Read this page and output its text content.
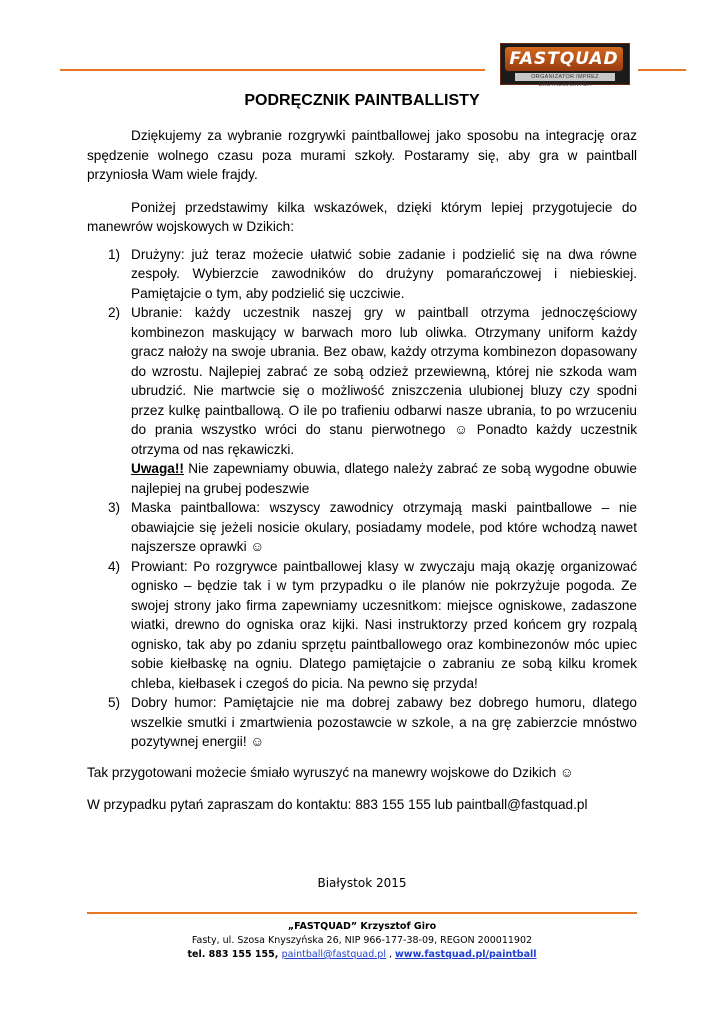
FASTQUAD
ORGANIZATOR IMPREZ EKSTREMALNYCH
PODRĘCZNIK PAINTBALLISTY

Dziękujemy za wybranie rozgrywki paintballowej jako sposobu na integrację oraz spędzenie wolnego czasu poza murami szkoły. Postaramy się, aby gra w paintball przyniosła Wam wiele frajdy.

Poniżej przedstawimy kilka wskazówek, dzięki którym lepiej przygotujecie do manewrów wojskowych w Dzikich:

1) Drużyny: już teraz możecie ułatwić sobie zadanie i podzielić się na dwa równe zespoły. Wybierzcie zawodników do drużyny pomarańczowej i niebieskiej. Pamiętajcie o tym, aby podzielić się uczciwie.
2) Ubranie: każdy uczestnik naszej gry w paintball otrzyma jednoczęściowy kombinezon maskujący w barwach moro lub oliwka. Otrzymany uniform każdy gracz nałoży na swoje ubrania. Bez obaw, każdy otrzyma kombinezon dopasowany do wzrostu. Najlepiej zabrać ze sobą odzież przewiewną, której nie szkoda wam ubrudzić. Nie martwcie się o możliwość zniszczenia ulubionej bluzy czy spodni przez kulkę paintballową. O ile po trafieniu odbarwi nasze ubrania, to po wrzuceniu do prania wszystko wróci do stanu pierwotnego ☺ Ponadto każdy uczestnik otrzyma od nas rękawiczki.
Uwaga!! Nie zapewniamy obuwia, dlatego należy zabrać ze sobą wygodne obuwie najlepiej na grubej podeszwie
3) Maska paintballowa: wszyscy zawodnicy otrzymają maski paintballowe – nie obawiajcie się jeżeli nosicie okulary, posiadamy modele, pod które wchodzą nawet najszersze oprawki ☺
4) Prowiant: Po rozgrywce paintballowej klasy w zwyczaju mają okazję organizować ognisko – będzie tak i w tym przypadku o ile planów nie pokrzyżuje pogoda. Ze swojej strony jako firma zapewniamy uczesnitkom: miejsce ogniskowe, zadaszone wiatki, drewno do ogniska oraz kijki. Nasi instruktorzy przed końcem gry rozpalą ognisko, tak aby po zdaniu sprzętu paintballowego oraz kombinezonów móc upiec sobie kiełbaskę na ogniu. Dlatego pamiętajcie o zabraniu ze sobą kilku kromek chleba, kiełbasek i czegoś do picia. Na pewno się przyda!
5) Dobry humor: Pamiętajcie nie ma dobrej zabawy bez dobrego humoru, dlatego wszelkie smutki i zmartwienia pozostawcie w szkole, a na grę zabierzcie mnóstwo pozytywnej energii! ☺

Tak przygotowani możecie śmiało wyruszyć na manewry wojskowe do Dzikich ☺

W przypadku pytań zapraszam do kontaktu: 883 155 155 lub paintball@fastquad.pl

Białystok 2015
„FASTQUAD” Krzysztof Giro
Fasty, ul. Szosa Knyszyńska 26, NIP 966-177-38-09, REGON 200011902
tel. 883 155 155, paintball@fastquad.pl , www.fastquad.pl/paintball
